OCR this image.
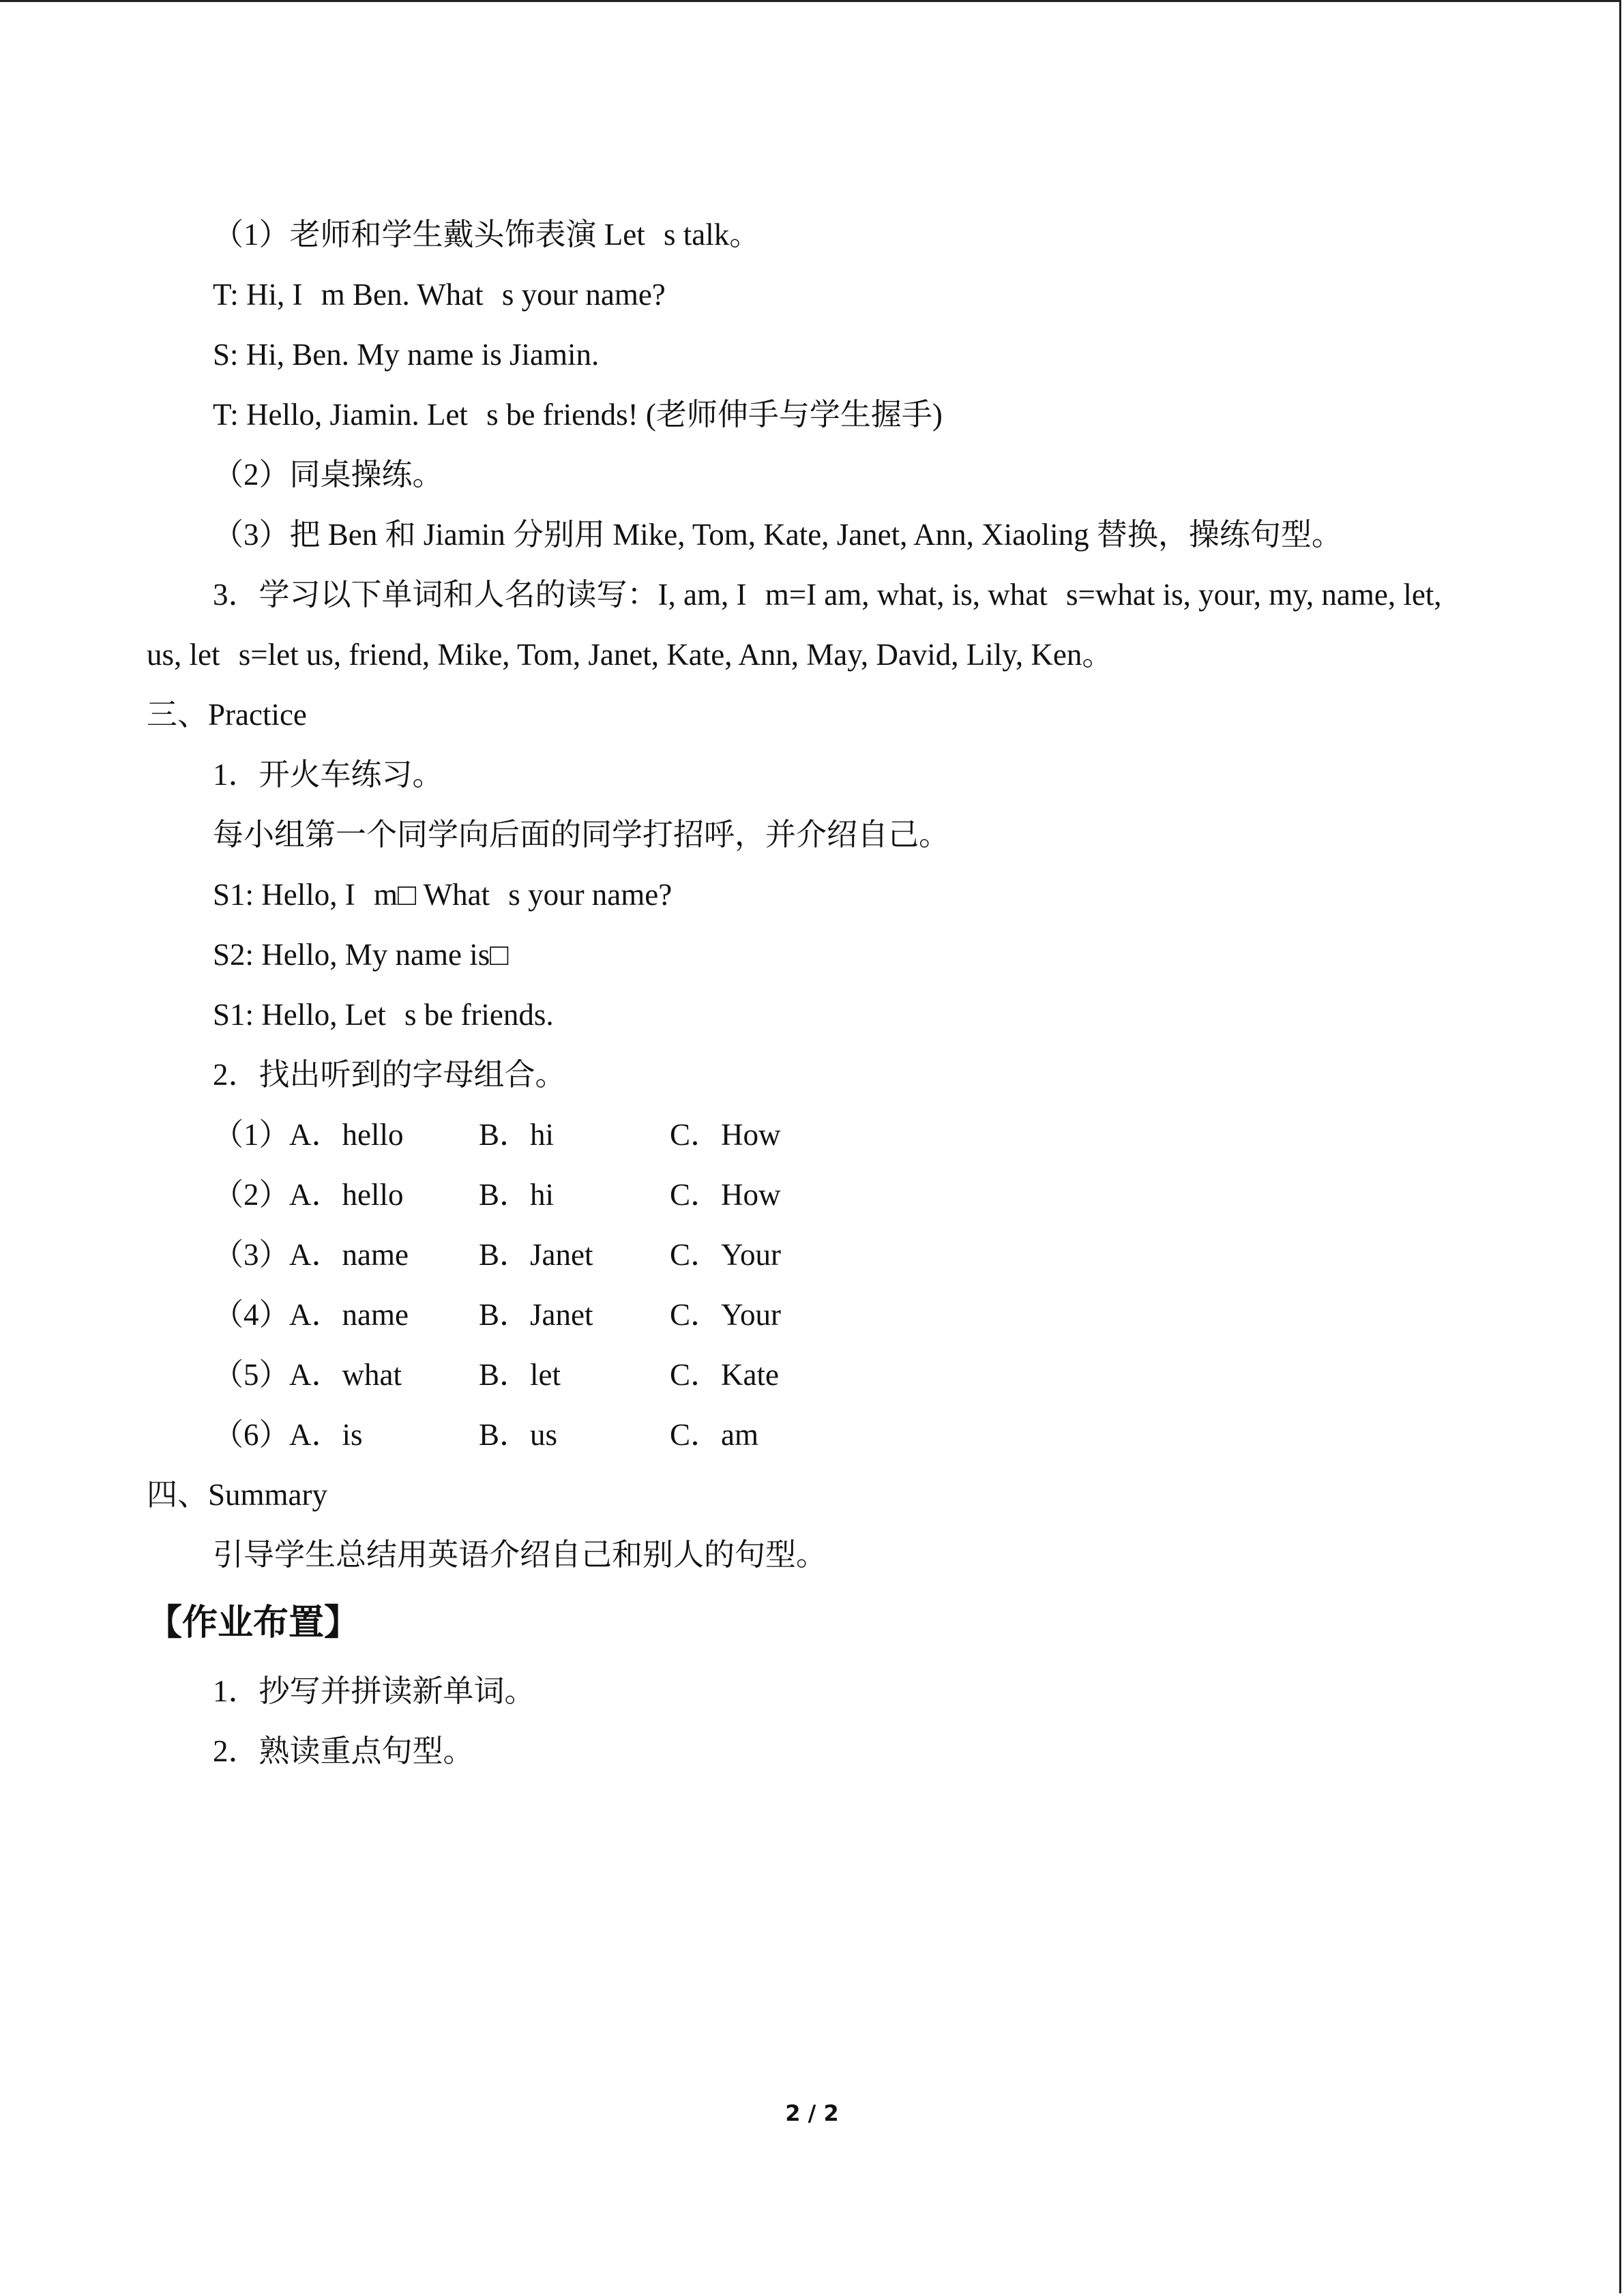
（1）老师和学生戴头饰表演 Lets talk。
T: Hi, Im Ben. Whats your name?
S: Hi, Ben. My name is Jiamin.
T: Hello, Jiamin. Lets be friends! (老师伸手与学生握手)
（2）同桌操练。
（3）把 Ben 和 Jiamin 分别用 Mike, Tom, Kate, Janet, Ann, Xiaoling 替换，操练句型。
3．学习以下单词和人名的读写：I, am, Im=I am, what, is, whats=what is, your, my, name, let, us, lets=let us, friend, Mike, Tom, Janet, Kate, Ann, May, David, Lily, Ken。
三、Practice
1．开火车练习。
每小组第一个同学向后面的同学打招呼，并介绍自己。
S1: Hello, Im□ Whats your name?
S2: Hello, My name is□
S1: Hello, Lets be friends.
2．找出听到的字母组合。
（1） A．hello	B．hi	C．How
（2） A．hello	B．hi	C．How
（3） A．name	B．Janet	C．Your
（4） A．name	B．Janet	C．Your
（5） A．what	B．let	C．Kate
（6） A．is	B．us	C．am
四、Summary
引导学生总结用英语介绍自己和别人的句型。
【作业布置】
1．抄写并拼读新单词。
2．熟读重点句型。
2 / 2
